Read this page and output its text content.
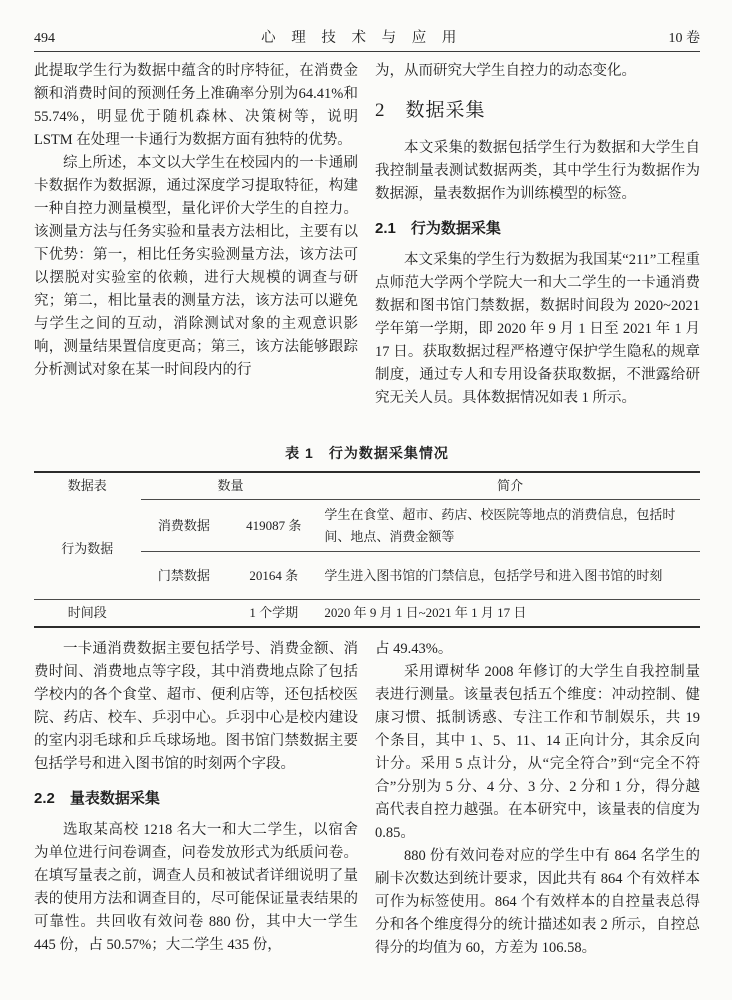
494	心 理 技 术 与 应 用	10 卷

此提取学生行为数据中蕴含的时序特征，在消费金额和消费时间的预测任务上准确率分别为64.41%和 55.74%，明显优于随机森林、决策树等，说明 LSTM 在处理一卡通行为数据方面有独特的优势。

综上所述，本文以大学生在校园内的一卡通刷卡数据作为数据源，通过深度学习提取特征，构建一种自控力测量模型，量化评价大学生的自控力。该测量方法与任务实验和量表方法相比，主要有以下优势：第一，相比任务实验测量方法，该方法可以摆脱对实验室的依赖，进行大规模的调查与研究；第二，相比量表的测量方法，该方法可以避免与学生之间的互动，消除测试对象的主观意识影响，测量结果置信度更高；第三，该方法能够跟踪分析测试对象在某一时间段内的行

为，从而研究大学生自控力的动态变化。

2　数据采集

本文采集的数据包括学生行为数据和大学生自我控制量表测试数据两类，其中学生行为数据作为数据源，量表数据作为训练模型的标签。

2.1　行为数据采集

本文采集的学生行为数据为我国某“211”工程重点师范大学两个学院大一和大二学生的一卡通消费数据和图书馆门禁数据，数据时间段为 2020~2021 学年第一学期，即 2020 年 9 月 1 日至 2021 年 1 月 17 日。获取数据过程严格遵守保护学生隐私的规章制度，通过专人和专用设备获取数据，不泄露给研究无关人员。具体数据情况如表 1 所示。

表 1　行为数据采集情况
数据表	数量		简介
行为数据	消费数据	419087 条	学生在食堂、超市、药店、校医院等地点的消费信息，包括时间、地点、消费金额等
	门禁数据	20164 条	学生进入图书馆的门禁信息，包括学号和进入图书馆的时刻
时间段		1 个学期	2020 年 9 月 1 日~2021 年 1 月 17 日

一卡通消费数据主要包括学号、消费金额、消费时间、消费地点等字段，其中消费地点除了包括学校内的各个食堂、超市、便利店等，还包括校医院、药店、校车、乒羽中心。乒羽中心是校内建设的室内羽毛球和乒乓球场地。图书馆门禁数据主要包括学号和进入图书馆的时刻两个字段。

2.2　量表数据采集

选取某高校 1218 名大一和大二学生，以宿舍为单位进行问卷调查，问卷发放形式为纸质问卷。在填写量表之前，调查人员和被试者详细说明了量表的使用方法和调查目的，尽可能保证量表结果的可靠性。共回收有效问卷 880 份，其中大一学生 445 份，占 50.57%；大二学生 435 份，

占 49.43%。

采用谭树华 2008 年修订的大学生自我控制量表进行测量。该量表包括五个维度：冲动控制、健康习惯、抵制诱惑、专注工作和节制娱乐，共 19 个条目，其中 1、5、11、14 正向计分，其余反向计分。采用 5 点计分，从“完全符合”到“完全不符合”分别为 5 分、4 分、3 分、2 分和 1 分，得分越高代表自控力越强。在本研究中，该量表的信度为 0.85。

880 份有效问卷对应的学生中有 864 名学生的刷卡次数达到统计要求，因此共有 864 个有效样本可作为标签使用。864 个有效样本的自控量表总得分和各个维度得分的统计描述如表 2 所示，自控总得分的均值为 60，方差为 106.58。
